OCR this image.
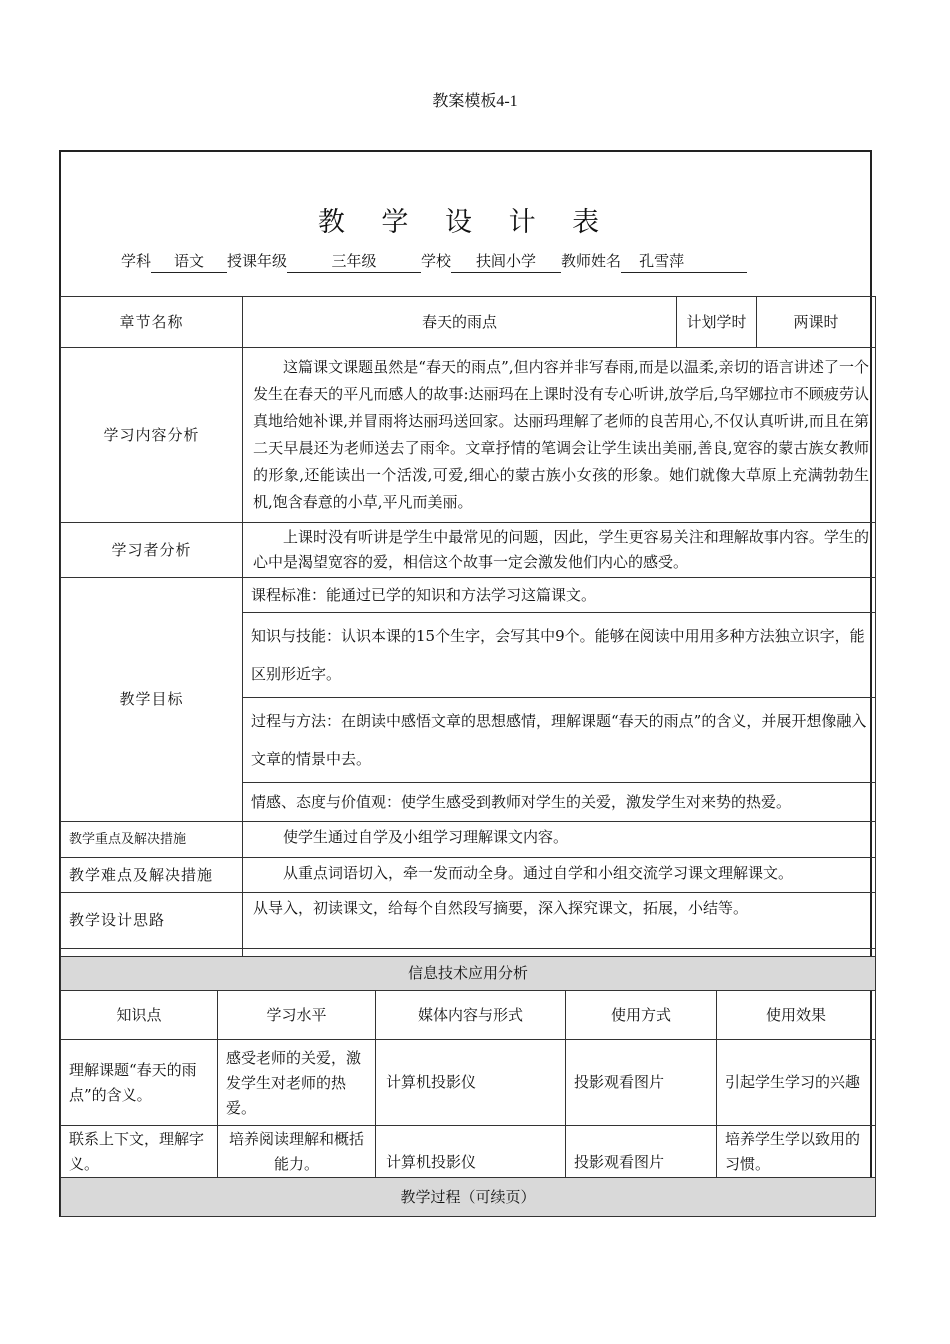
教案模板4-1
教 学 设 计 表
学科 语文 授课年级	三年级	学校 扶闾小学 教师姓名 孔雪萍
章节名称	春天的雨点	计划学时	两课时
学习内容分析	这篇课文课题虽然是“春天的雨点”,但内容并非写春雨,而是以温柔,亲切的语言讲述了一个发生在春天的平凡而感人的故事:达丽玛在上课时没有专心听讲,放学后,乌罕娜拉市不顾疲劳认真地给她补课,并冒雨将达丽玛送回家。达丽玛理解了老师的良苦用心,不仅认真听讲,而且在第二天早晨还为老师送去了雨伞。文章抒情的笔调会让学生读出美丽,善良,宽容的蒙古族女教师的形象,还能读出一个活泼,可爱,细心的蒙古族小女孩的形象。她们就像大草原上充满勃勃生机,饱含春意的小草,平凡而美丽。		
学习者分析	上课时没有听讲是学生中最常见的问题，因此，学生更容易关注和理解故事内容。学生的心中是渴望宽容的爱，相信这个故事一定会激发他们内心的感受。		
教学目标	课程标准：能通过已学的知识和方法学习这篇课文。		
	知识与技能：认识本课的15个生字，会写其中9个。能够在阅读中用用多种方法独立识字，能区别形近字。		
	过程与方法：在朗读中感悟文章的思想感情，理解课题“春天的雨点”的含义，并展开想像融入文章的情景中去。		
	情感、态度与价值观：使学生感受到教师对学生的关爱，激发学生对来势的热爱。		
教学重点及解决措施	使学生通过自学及小组学习理解课文内容。		
教学难点及解决措施	从重点词语切入，牵一发而动全身。通过自学和小组交流学习课文理解课文。		
教学设计思路	从导入，初读课文，给每个自然段写摘要，深入探究课文，拓展，小结等。		

信息技术应用分析				
知识点	学习水平	媒体内容与形式	使用方式	使用效果
理解课题“春天的雨点”的含义。	感受老师的关爱，激发学生对老师的热爱。	计算机投影仪	投影观看图片	引起学生学习的兴趣
联系上下文，理解字义。	培养阅读理解和概括能力。	计算机投影仪	投影观看图片	培养学生学以致用的习惯。
教学过程（可续页）				
